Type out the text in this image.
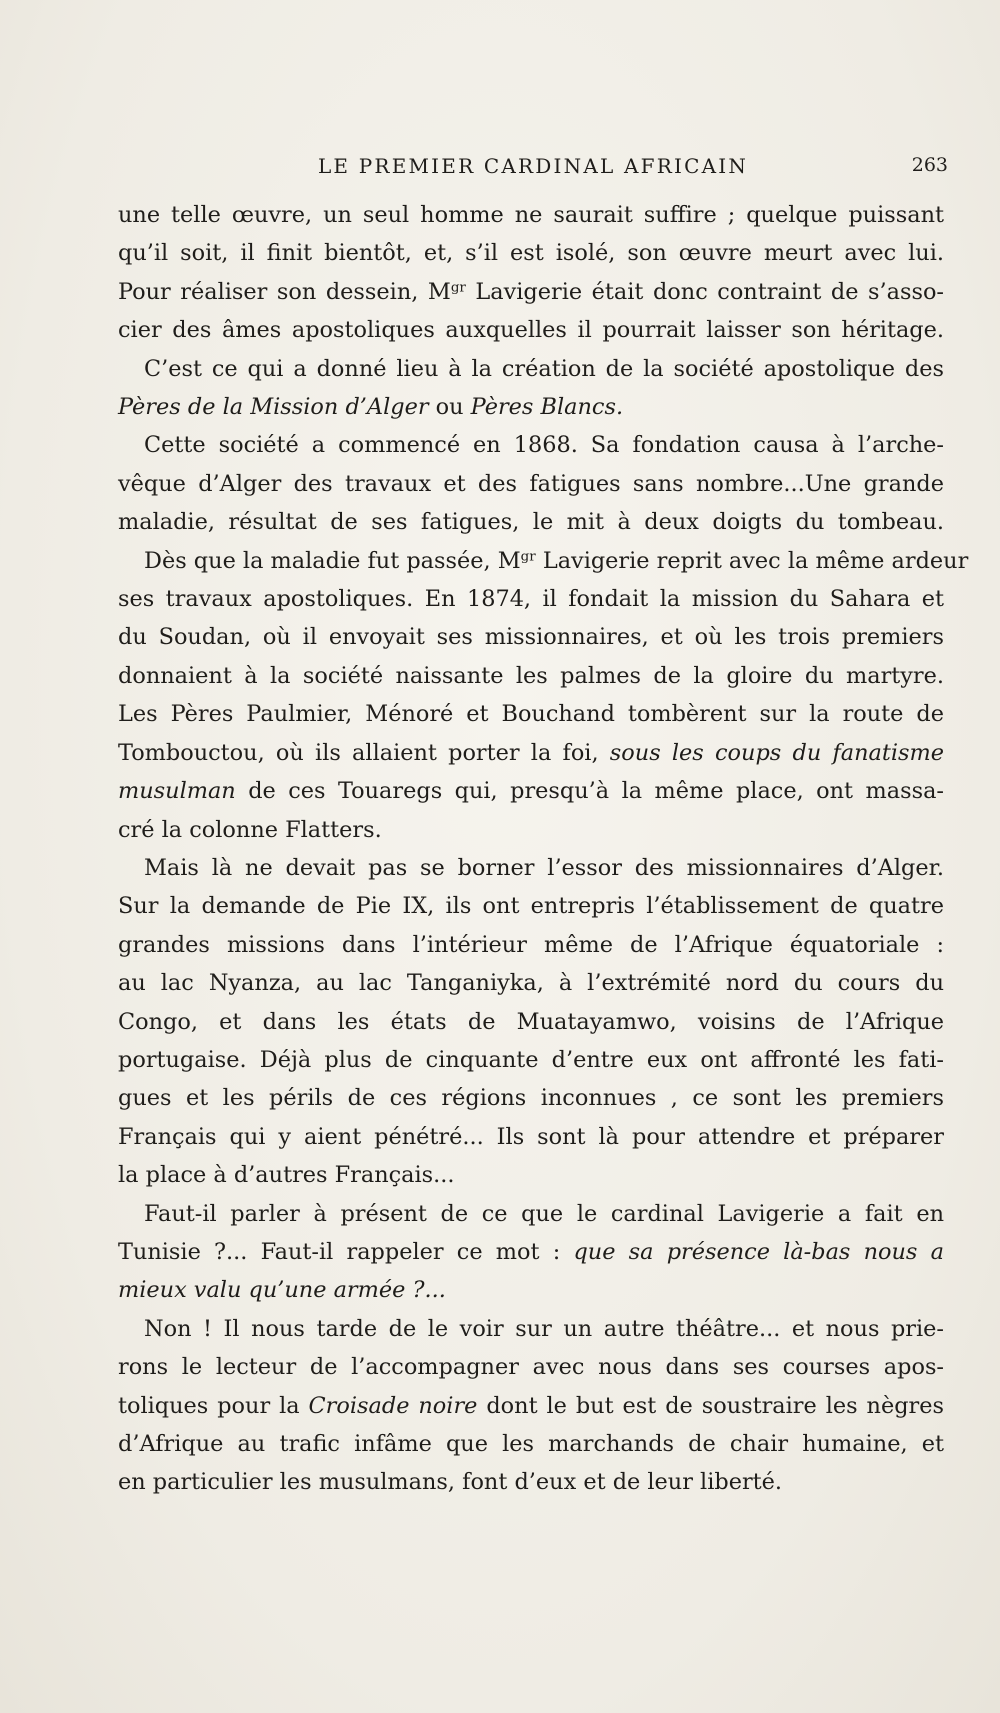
LE PREMIER CARDINAL AFRICAIN	263
une telle œuvre, un seul homme ne saurait suffire ; quelque puissant
qu’il soit, il finit bientôt, et, s’il est isolé, son œuvre meurt avec lui.
Pour réaliser son dessein, $M^{gr}$ Lavigerie était donc contraint de s’asso-
cier des âmes apostoliques auxquelles il pourrait laisser son héritage.
C’est ce qui a donné lieu à la création de la société apostolique des
Pères de la Mission d’Alger ou Pères Blancs.
Cette société a commencé en 1868. Sa fondation causa à l’arche-
vêque d’Alger des travaux et des fatigues sans nombre...Une grande
maladie, résultat de ses fatigues, le mit à deux doigts du tombeau.
Dès que la maladie fut passée, $M^{gr}$ Lavigerie reprit avec la même ardeur
ses travaux apostoliques. En 1874, il fondait la mission du Sahara et
du Soudan, où il envoyait ses missionnaires, et où les trois premiers
donnaient à la société naissante les palmes de la gloire du martyre.
Les Pères Paulmier, Ménoré et Bouchand tombèrent sur la route de
Tombouctou, où ils allaient porter la foi, sous les coups du fanatisme
musulman de ces Touaregs qui, presqu’à la même place, ont massa-
cré la colonne Flatters.
Mais là ne devait pas se borner l’essor des missionnaires d’Alger.
Sur la demande de Pie IX, ils ont entrepris l’établissement de quatre
grandes missions dans l’intérieur même de l’Afrique équatoriale :
au lac Nyanza, au lac Tanganiyka, à l’extrémité nord du cours du
Congo, et dans les états de Muatayamwo, voisins de l’Afrique
portugaise. Déjà plus de cinquante d’entre eux ont affronté les fati-
gues et les périls de ces régions inconnues , ce sont les premiers
Français qui y aient pénétré... Ils sont là pour attendre et préparer
la place à d’autres Français...
Faut-il parler à présent de ce que le cardinal Lavigerie a fait en
Tunisie ?... Faut-il rappeler ce mot : que sa présence là-bas nous a
mieux valu qu’une armée ?...
Non ! Il nous tarde de le voir sur un autre théâtre... et nous prie-
rons le lecteur de l’accompagner avec nous dans ses courses apos-
toliques pour la Croisade noire dont le but est de soustraire les nègres
d’Afrique au trafic infâme que les marchands de chair humaine, et
en particulier les musulmans, font d’eux et de leur liberté.
